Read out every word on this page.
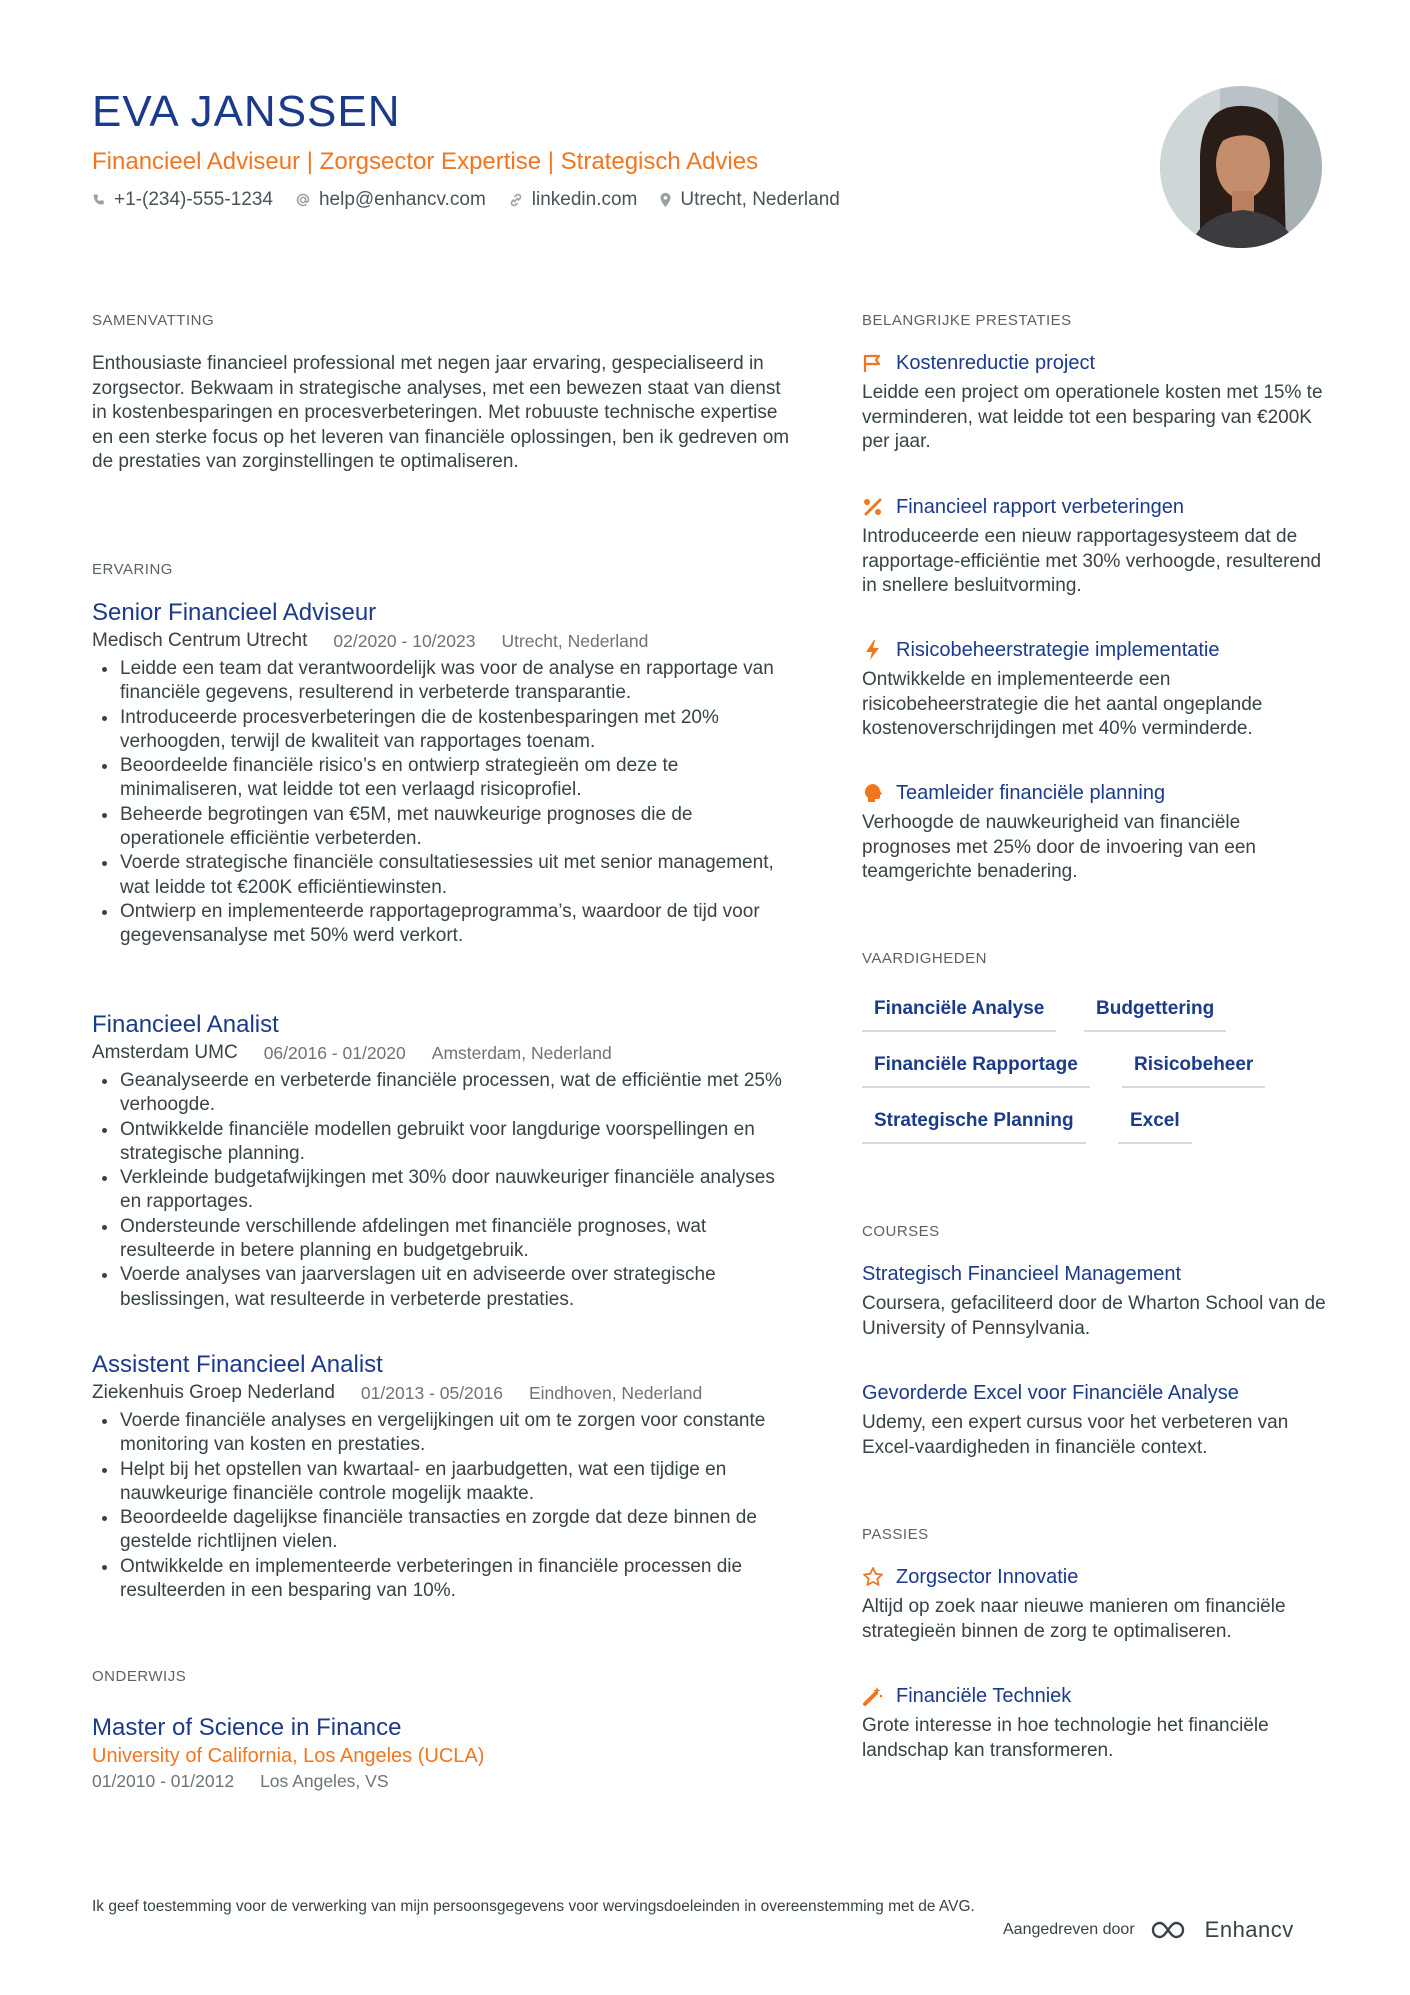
EVA JANSSEN
Financieel Adviseur | Zorgsector Expertise | Strategisch Advies
+1-(234)-555-1234 help@enhancv.com linkedin.com Utrecht, Nederland
SAMENVATTING
Enthousiaste financieel professional met negen jaar ervaring, gespecialiseerd in zorgsector. Bekwaam in strategische analyses, met een bewezen staat van dienst in kostenbesparingen en procesverbeteringen. Met robuuste technische expertise en een sterke focus op het leveren van financiële oplossingen, ben ik gedreven om de prestaties van zorginstellingen te optimaliseren.
ERVARING
Senior Financieel Adviseur
Medisch Centrum Utrecht 02/2020 - 10/2023 Utrecht, Nederland
Leidde een team dat verantwoordelijk was voor de analyse en rapportage van financiële gegevens, resulterend in verbeterde transparantie.
Introduceerde procesverbeteringen die de kostenbesparingen met 20% verhoogden, terwijl de kwaliteit van rapportages toenam.
Beoordeelde financiële risico’s en ontwierp strategieën om deze te minimaliseren, wat leidde tot een verlaagd risicoprofiel.
Beheerde begrotingen van €5M, met nauwkeurige prognoses die de operationele efficiëntie verbeterden.
Voerde strategische financiële consultatiesessies uit met senior management, wat leidde tot €200K efficiëntiewinsten.
Ontwierp en implementeerde rapportageprogramma’s, waardoor de tijd voor gegevensanalyse met 50% werd verkort.
Financieel Analist
Amsterdam UMC 06/2016 - 01/2020 Amsterdam, Nederland
Geanalyseerde en verbeterde financiële processen, wat de efficiëntie met 25% verhoogde.
Ontwikkelde financiële modellen gebruikt voor langdurige voorspellingen en strategische planning.
Verkleinde budgetafwijkingen met 30% door nauwkeuriger financiële analyses en rapportages.
Ondersteunde verschillende afdelingen met financiële prognoses, wat resulteerde in betere planning en budgetgebruik.
Voerde analyses van jaarverslagen uit en adviseerde over strategische beslissingen, wat resulteerde in verbeterde prestaties.
Assistent Financieel Analist
Ziekenhuis Groep Nederland 01/2013 - 05/2016 Eindhoven, Nederland
Voerde financiële analyses en vergelijkingen uit om te zorgen voor constante monitoring van kosten en prestaties.
Helpt bij het opstellen van kwartaal- en jaarbudgetten, wat een tijdige en nauwkeurige financiële controle mogelijk maakte.
Beoordeelde dagelijkse financiële transacties en zorgde dat deze binnen de gestelde richtlijnen vielen.
Ontwikkelde en implementeerde verbeteringen in financiële processen die resulteerden in een besparing van 10%.
ONDERWIJS
Master of Science in Finance
University of California, Los Angeles (UCLA)
01/2010 - 01/2012 Los Angeles, VS
BELANGRIJKE PRESTATIES
Kostenreductie project
Leidde een project om operationele kosten met 15% te verminderen, wat leidde tot een besparing van €200K per jaar.
Financieel rapport verbeteringen
Introduceerde een nieuw rapportagesysteem dat de rapportage-efficiëntie met 30% verhoogde, resulterend in snellere besluitvorming.
Risicobeheerstrategie implementatie
Ontwikkelde en implementeerde een risicobeheerstrategie die het aantal ongeplande kostenoverschrijdingen met 40% verminderde.
Teamleider financiële planning
Verhoogde de nauwkeurigheid van financiële prognoses met 25% door de invoering van een teamgerichte benadering.
VAARDIGHEDEN
Financiële Analyse	Budgettering
Financiële Rapportage	Risicobeheer
Strategische Planning	Excel
COURSES
Strategisch Financieel Management
Coursera, gefaciliteerd door de Wharton School van de University of Pennsylvania.
Gevorderde Excel voor Financiële Analyse
Udemy, een expert cursus voor het verbeteren van Excel-vaardigheden in financiële context.
PASSIES
Zorgsector Innovatie
Altijd op zoek naar nieuwe manieren om financiële strategieën binnen de zorg te optimaliseren.
Financiële Techniek
Grote interesse in hoe technologie het financiële landschap kan transformeren.
Ik geef toestemming voor de verwerking van mijn persoonsgegevens voor wervingsdoeleinden in overeenstemming met de AVG.
Aangedreven door	Enhancv
